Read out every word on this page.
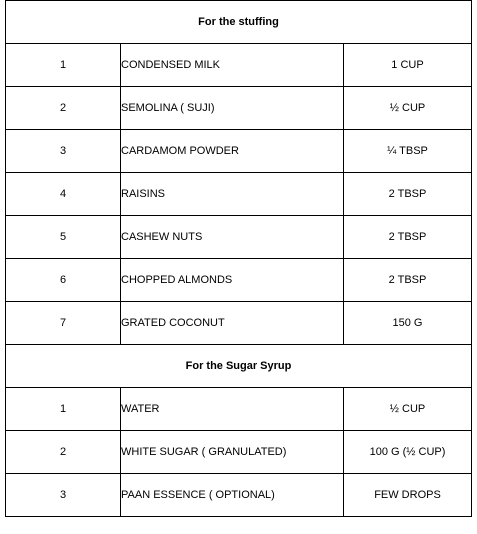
For the stuffing		
1	CONDENSED MILK	1 CUP
2	SEMOLINA ( SUJI)	½ CUP
3	CARDAMOM POWDER	¼ TBSP
4	RAISINS	2 TBSP
5	CASHEW NUTS	2 TBSP
6	CHOPPED ALMONDS	2 TBSP
7	GRATED COCONUT	150 G
For the Sugar Syrup		
1	WATER	½ CUP
2	WHITE SUGAR ( GRANULATED)	100 G (½ CUP)
3	PAAN ESSENCE ( OPTIONAL)	FEW DROPS
